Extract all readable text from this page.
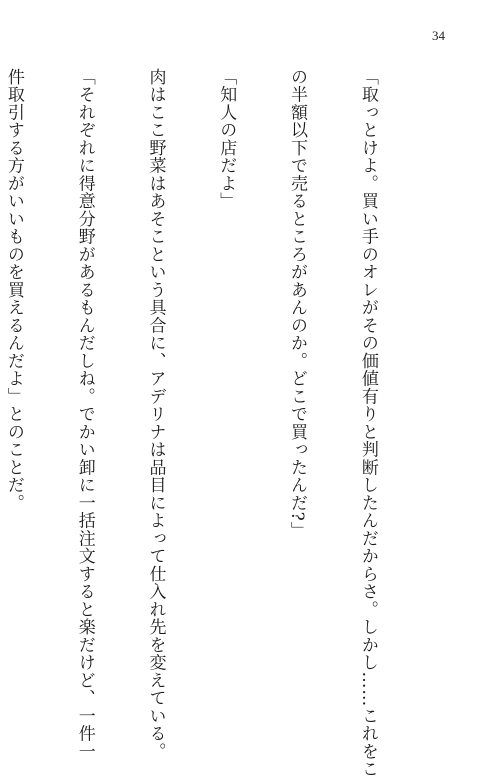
34

「取っとけよ。買い手のオレがその価値有りと判断したんだからさ。しかし……これをこ

の半額以下で売るところがあんのか。どこで買ったんだ?」

「知人の店だよ」

肉はここ野菜はあそこという具合に、アデリナは品目によって仕入れ先を変えている。

「それぞれに得意分野があるもんだしね。でかい卸に一括注文すると楽だけど、一件一

件取引する方がいいものを買えるんだよ」とのことだ。
